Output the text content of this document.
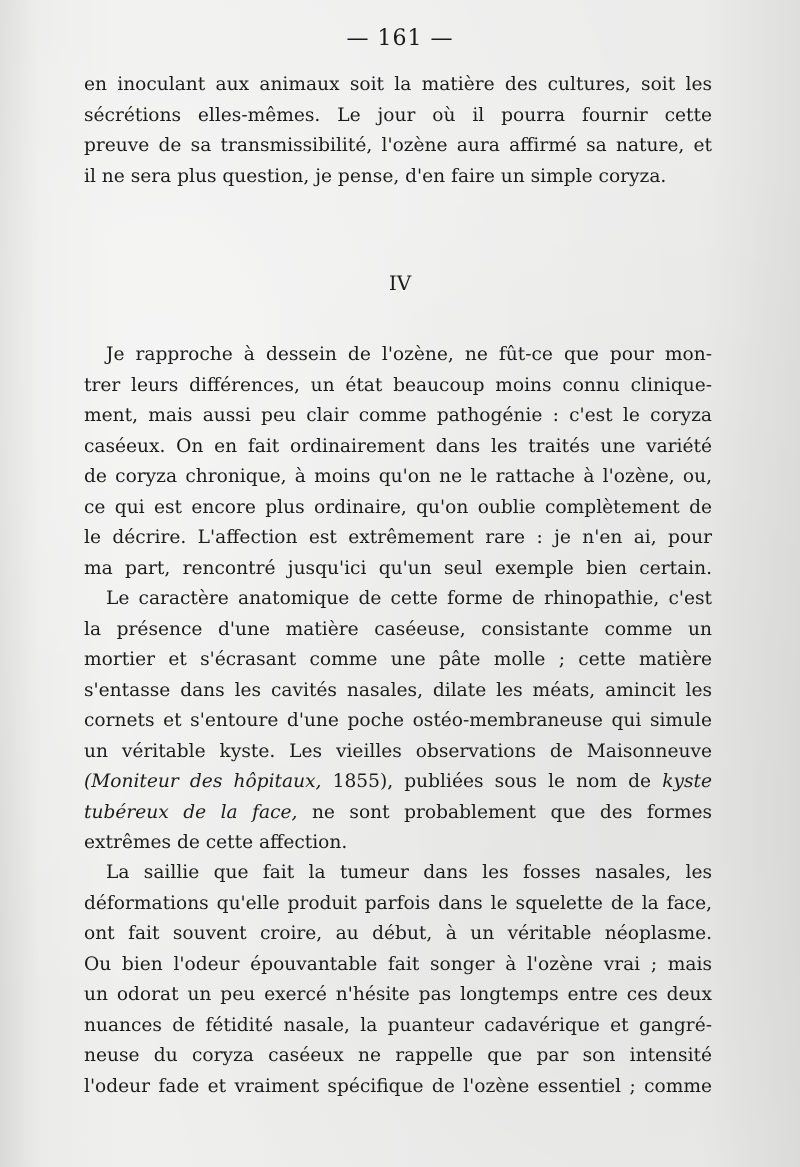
— 161 —
en inoculant aux animaux soit la matière des cultures, soit les
sécrétions elles-mêmes. Le jour où il pourra fournir cette
preuve de sa transmissibilité, l'ozène aura affirmé sa nature, et
il ne sera plus question, je pense, d'en faire un simple coryza.
IV
Je rapproche à dessein de l'ozène, ne fût-ce que pour mon-
trer leurs différences, un état beaucoup moins connu clinique-
ment, mais aussi peu clair comme pathogénie : c'est le coryza
caséeux. On en fait ordinairement dans les traités une variété
de coryza chronique, à moins qu'on ne le rattache à l'ozène, ou,
ce qui est encore plus ordinaire, qu'on oublie complètement de
le décrire. L'affection est extrêmement rare : je n'en ai, pour
ma part, rencontré jusqu'ici qu'un seul exemple bien certain.
Le caractère anatomique de cette forme de rhinopathie, c'est
la présence d'une matière caséeuse, consistante comme un
mortier et s'écrasant comme une pâte molle ; cette matière
s'entasse dans les cavités nasales, dilate les méats, amincit les
cornets et s'entoure d'une poche ostéo-membraneuse qui simule
un véritable kyste. Les vieilles observations de Maisonneuve
(Moniteur des hôpitaux, 1855), publiées sous le nom de kyste
tubéreux de la face, ne sont probablement que des formes
extrêmes de cette affection.
La saillie que fait la tumeur dans les fosses nasales, les
déformations qu'elle produit parfois dans le squelette de la face,
ont fait souvent croire, au début, à un véritable néoplasme.
Ou bien l'odeur épouvantable fait songer à l'ozène vrai ; mais
un odorat un peu exercé n'hésite pas longtemps entre ces deux
nuances de fétidité nasale, la puanteur cadavérique et gangré-
neuse du coryza caséeux ne rappelle que par son intensité
l'odeur fade et vraiment spécifique de l'ozène essentiel ; comme
